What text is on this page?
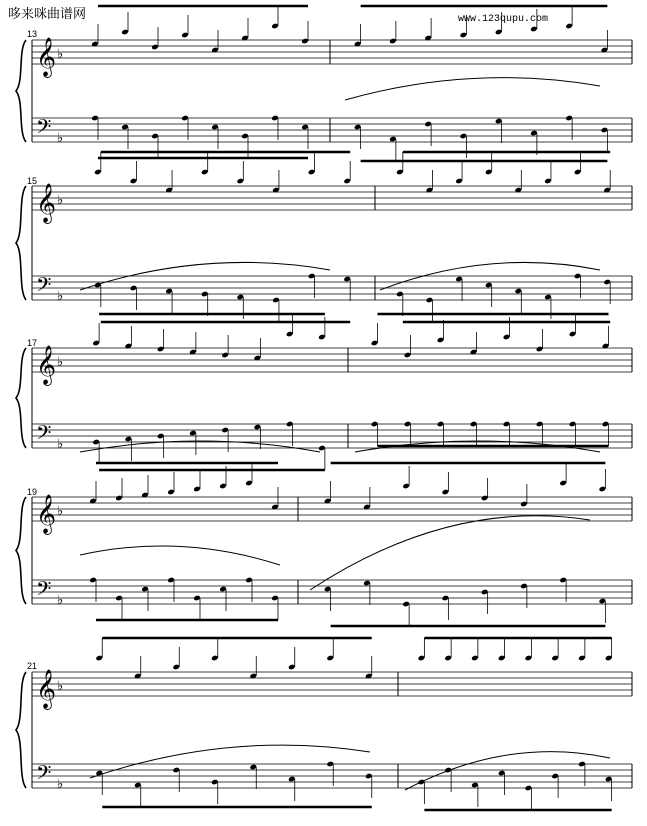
哆来咪曲谱网	www.123qupu.com
13
15
17
19
21
𝄞
𝄢
♭
♭
𝄞
𝄢
♭
♭
𝄞
𝄢
♭
♭
𝄞
𝄢
♭
♭
𝄞
𝄢
♭
♭
